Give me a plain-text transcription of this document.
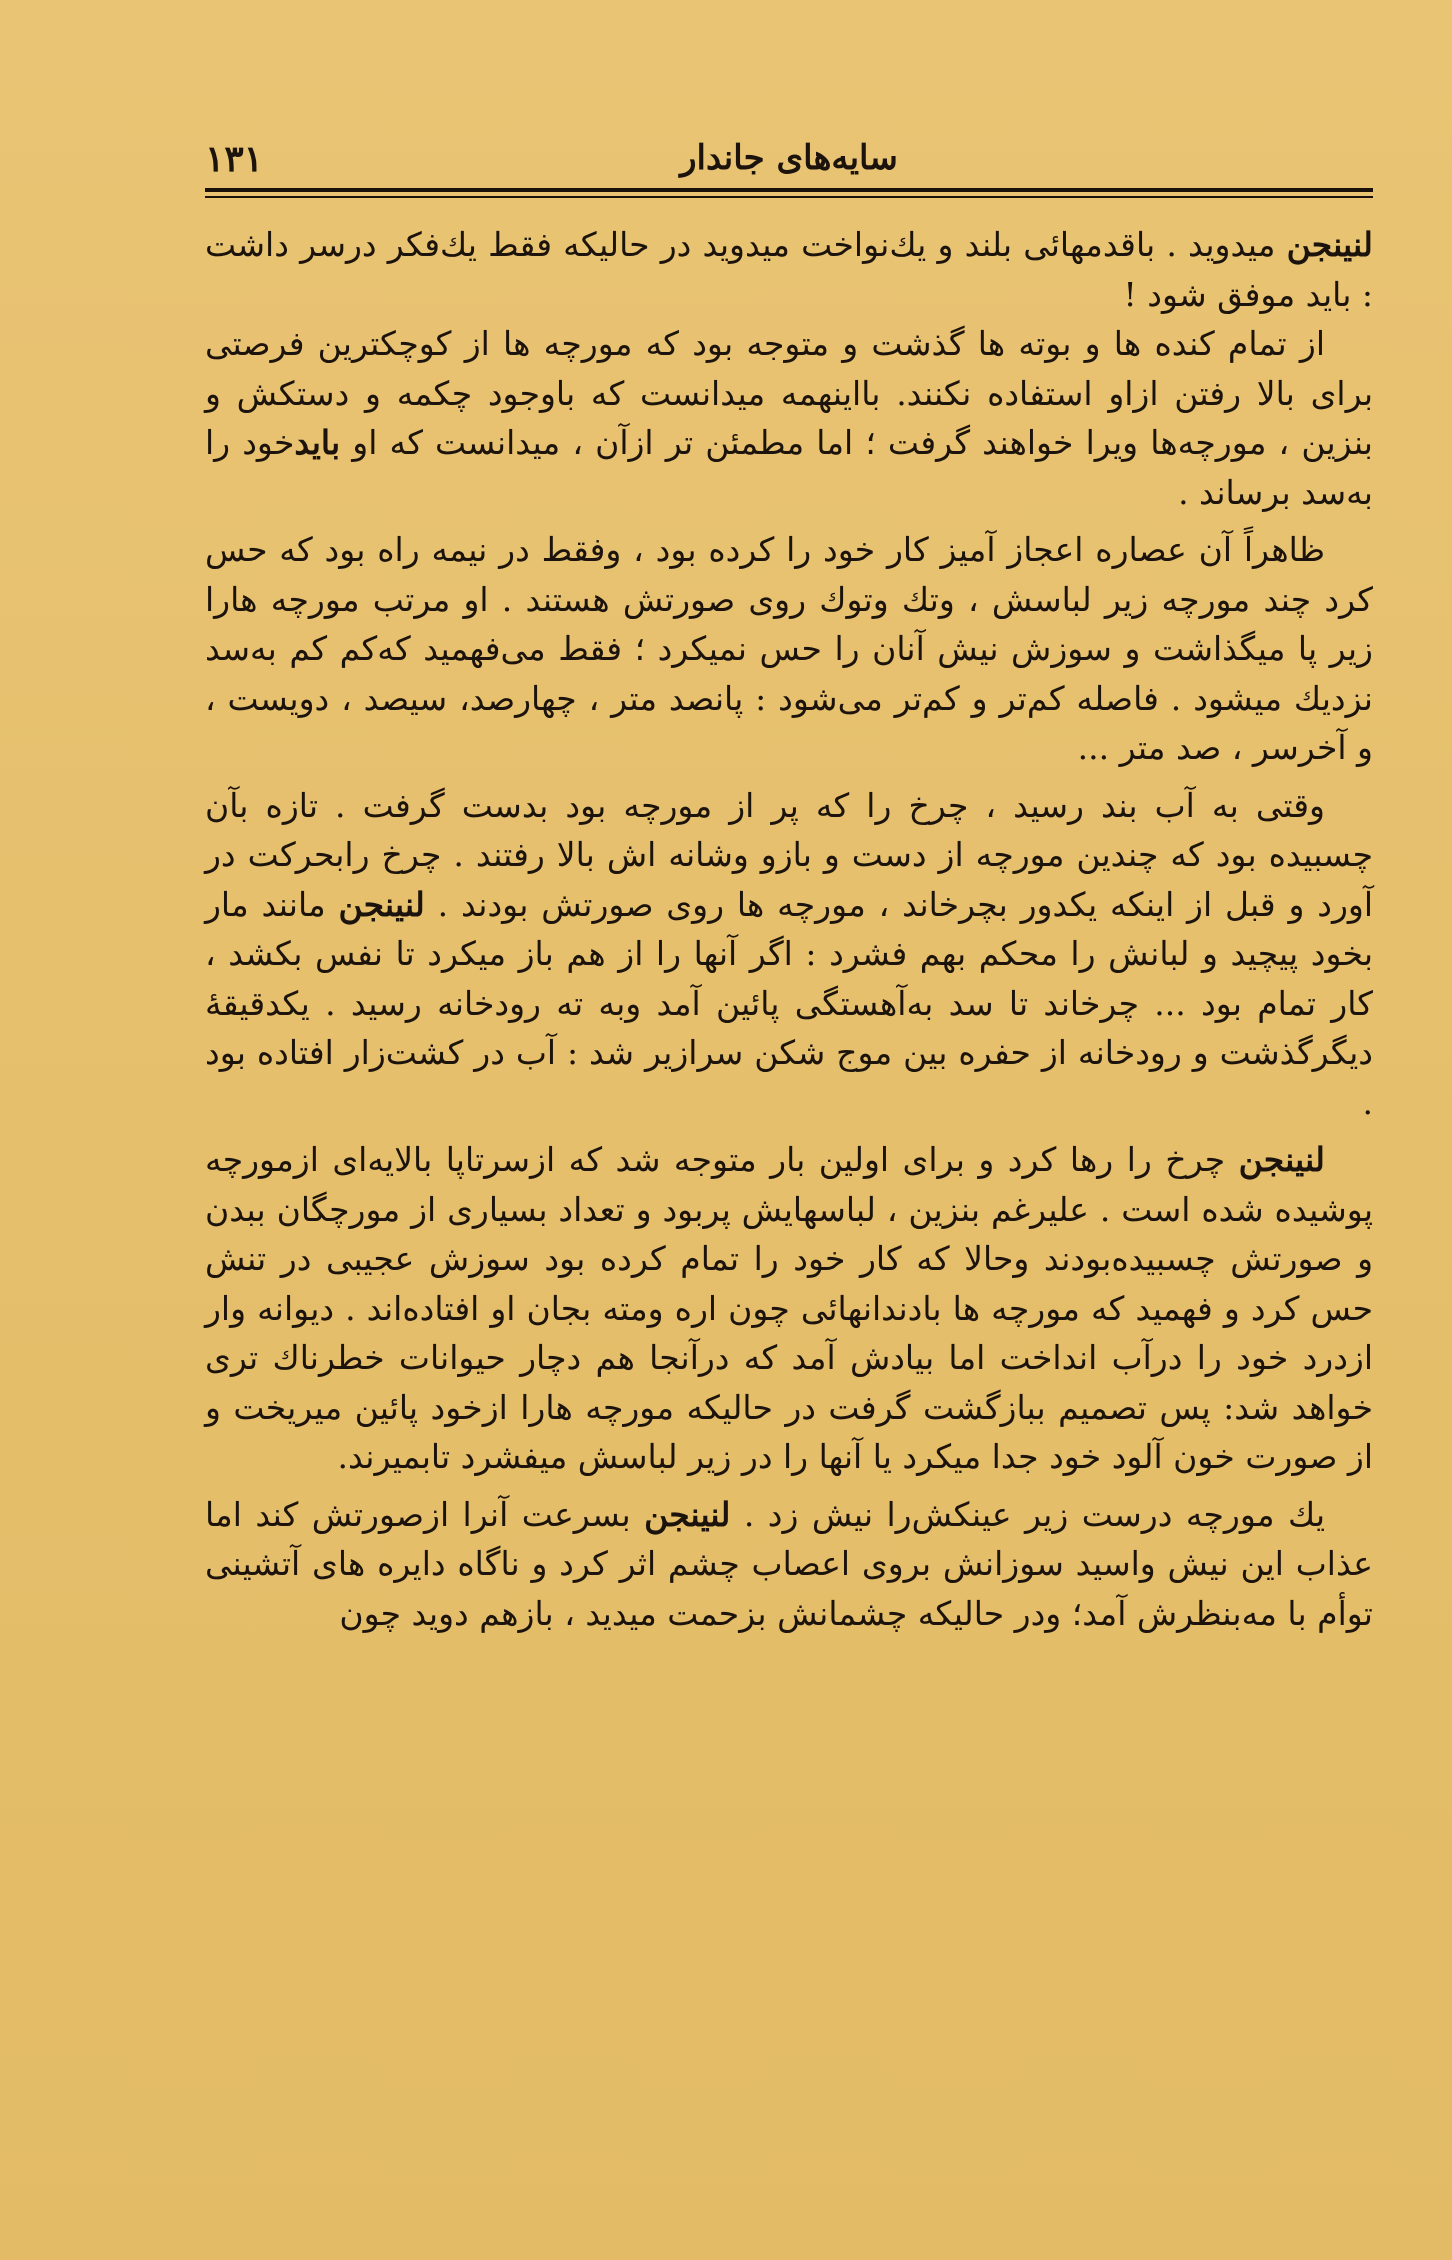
سایه‌های جاندار
۱۳۱

لنینجن میدوید . باقدمهائی بلند و یك‌نواخت میدوید در حالیکه فقط یك‌فکر درسر داشت : باید موفق شود !

از تمام کنده ها و بوته ها گذشت و متوجه بود که مورچه ها از کوچکترین فرصتی برای بالا رفتن ازاو استفاده نکنند. بااینهمه میدانست که باوجود چکمه و دستکش و بنزین ، مورچه‌ها ویرا خواهند گرفت ؛ اما مطمئن تر ازآن ، میدانست که او بایدخود را به‌سد برساند .

ظاهراً آن عصاره اعجاز آمیز کار خود را کرده بود ، وفقط در نیمه راه بود که حس کرد چند مورچه زیر لباسش ، وتك وتوك روی صورتش هستند . او مرتب مورچه هارا زیر پا میگذاشت و سوزش نیش آنان را حس نمیکرد ؛ فقط می‌فهمید که‌کم کم به‌سد نزدیك میشود . فاصله کم‌تر و کم‌تر می‌شود : پانصد متر ، چهارصد، سیصد ، دویست ، و آخرسر ، صد متر ...

وقتی به آب بند رسید ، چرخ را که پر از مورچه بود بدست گرفت . تازه بآن چسبیده بود که چندین مورچه از دست و بازو وشانه اش بالا رفتند . چرخ رابحرکت در آورد و قبل از اینکه یکدور بچرخاند ، مورچه ها روی صورتش بودند . لنینجن مانند مار بخود پیچید و لبانش را محکم بهم فشرد : اگر آنها را از هم باز میکرد تا نفس بکشد ، کار تمام بود ... چرخاند تا سد به‌آهستگی پائین آمد وبه ته رودخانه رسید . یکدقیقهٔ دیگرگذشت و رودخانه از حفره بین موج شکن سرازیر شد : آب در کشت‌زار افتاده بود .

لنینجن چرخ را رها کرد و برای اولین بار متوجه شد که ازسرتاپا بالایه‌ای ازمورچه پوشیده شده است . علیرغم بنزین ، لباسهایش پربود و تعداد بسیاری از مورچگان ببدن و صورتش چسبیده‌بودند وحالا که کار خود را تمام کرده بود سوزش عجیبی در تنش حس کرد و فهمید که مورچه ها بادندانهائی چون اره ومته بجان او افتاده‌اند . دیوانه وار ازدرد خود را درآب انداخت اما بیادش آمد که درآنجا هم دچار حیوانات خطرناك تری خواهد شد: پس تصمیم ببازگشت گرفت در حالیکه مورچه هارا ازخود پائین میریخت و از صورت خون آلود خود جدا میکرد یا آنها را در زیر لباسش میفشرد تابمیرند.

یك مورچه درست زیر عینکش‌را نیش زد . لنینجن بسرعت آنرا ازصورتش کند اما عذاب این نیش واسید سوزانش بروی اعصاب چشم اثر کرد و ناگاه دایره های آتشینی توأم با مه‌بنظرش آمد؛ ودر حالیکه چشمانش بزحمت میدید ، بازهم دوید چون
